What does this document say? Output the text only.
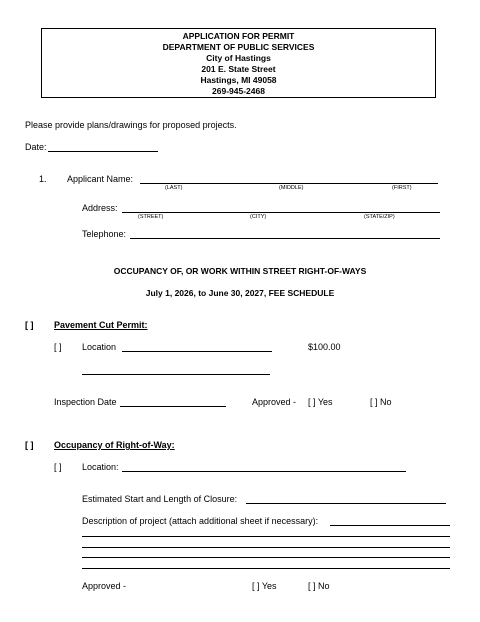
APPLICATION FOR PERMIT
DEPARTMENT OF PUBLIC SERVICES
City of Hastings
201 E. State Street
Hastings, MI 49058
269-945-2468
Please provide plans/drawings for proposed projects.
Date:
1. Applicant Name:
(LAST)	(MIDDLE)	(FIRST)
Address:
(STREET)	(CITY)	(STATE/ZIP)
Telephone:
OCCUPANCY OF, OR WORK WITHIN STREET RIGHT-OF-WAYS
July 1, 2026, to June 30, 2027, FEE SCHEDULE
[ ] Pavement Cut Permit:
[ ] Location	$100.00
Inspection Date	Approved - [ ] Yes	[ ] No
[ ] Occupancy of Right-of-Way:
[ ] Location:
Estimated Start and Length of Closure:
Description of project (attach additional sheet if necessary):
Approved -	[ ] Yes	[ ] No
